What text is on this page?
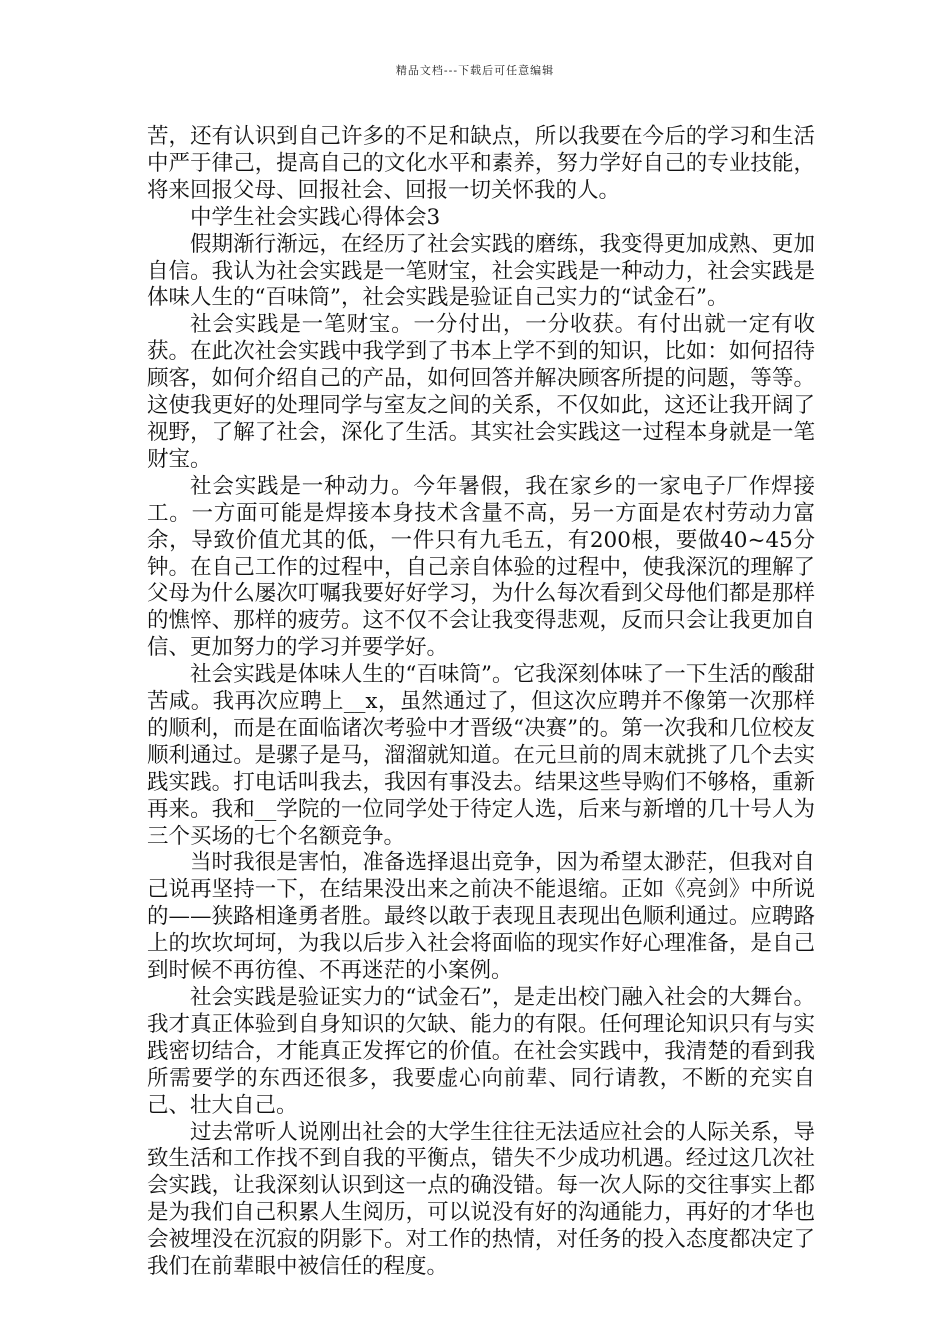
精品文档---下载后可任意编辑

苦，还有认识到自己许多的不足和缺点，所以我要在今后的学习和生活中严于律己，提高自己的文化水平和素养，努力学好自己的专业技能，将来回报父母、回报社会、回报一切关怀我的人。

中学生社会实践心得体会3

假期渐行渐远，在经历了社会实践的磨练，我变得更加成熟、更加自信。我认为社会实践是一笔财宝，社会实践是一种动力，社会实践是体味人生的“百味筒”，社会实践是验证自己实力的“试金石”。

社会实践是一笔财宝。一分付出，一分收获。有付出就一定有收获。在此次社会实践中我学到了书本上学不到的知识，比如：如何招待顾客，如何介绍自己的产品，如何回答并解决顾客所提的问题，等等。这使我更好的处理同学与室友之间的关系，不仅如此，这还让我开阔了视野，了解了社会，深化了生活。其实社会实践这一过程本身就是一笔财宝。

社会实践是一种动力。今年暑假，我在家乡的一家电子厂作焊接工。一方面可能是焊接本身技术含量不高，另一方面是农村劳动力富余，导致价值尤其的低，一件只有九毛五，有200根，要做40~45分钟。在自己工作的过程中，自己亲自体验的过程中，使我深沉的理解了父母为什么屡次叮嘱我要好好学习，为什么每次看到父母他们都是那样的憔悴、那样的疲劳。这不仅不会让我变得悲观，反而只会让我更加自信、更加努力的学习并要学好。

社会实践是体味人生的“百味筒”。它我深刻体味了一下生活的酸甜苦咸。我再次应聘上__x，虽然通过了，但这次应聘并不像第一次那样的顺利，而是在面临诸次考验中才晋级“决赛”的。第一次我和几位校友顺利通过。是骡子是马，溜溜就知道。在元旦前的周末就挑了几个去实践实践。打电话叫我去，我因有事没去。结果这些导购们不够格，重新再来。我和__学院的一位同学处于待定人选，后来与新增的几十号人为三个买场的七个名额竞争。

当时我很是害怕，准备选择退出竞争，因为希望太渺茫，但我对自己说再坚持一下，在结果没出来之前决不能退缩。正如《亮剑》中所说的——狭路相逢勇者胜。最终以敢于表现且表现出色顺利通过。应聘路上的坎坎坷坷，为我以后步入社会将面临的现实作好心理准备，是自己到时候不再彷徨、不再迷茫的小案例。

社会实践是验证实力的“试金石”，是走出校门融入社会的大舞台。我才真正体验到自身知识的欠缺、能力的有限。任何理论知识只有与实践密切结合，才能真正发挥它的价值。在社会实践中，我清楚的看到我所需要学的东西还很多，我要虚心向前辈、同行请教，不断的充实自己、壮大自己。

过去常听人说刚出社会的大学生往往无法适应社会的人际关系，导致生活和工作找不到自我的平衡点，错失不少成功机遇。经过这几次社会实践，让我深刻认识到这一点的确没错。每一次人际的交往事实上都是为我们自己积累人生阅历，可以说没有好的沟通能力，再好的才华也会被埋没在沉寂的阴影下。对工作的热情，对任务的投入态度都决定了我们在前辈眼中被信任的程度。
